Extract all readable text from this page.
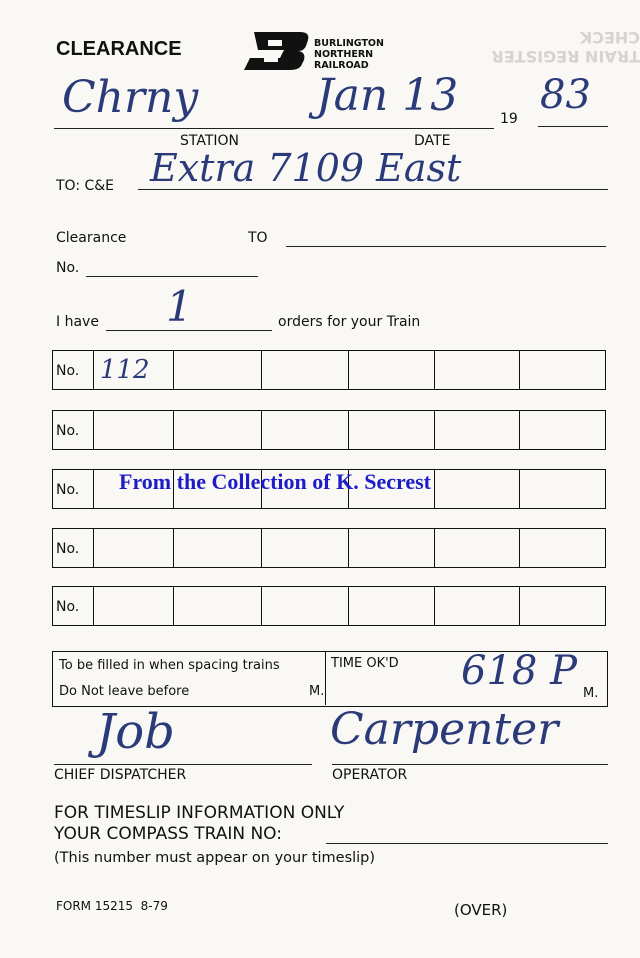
TRAIN REGISTER CHECK
CLEARANCE	BURLINGTON
NORTHERN
RAILROAD
Chrny	Jan 13	19
83
STATION	DATE
TO: C&E Extra 7109 East
Clearance	TO
No.
I have 1	orders for your Train
No. 112
No.
No.
No.
No.
From the Collection of K. Secrest
To be filled in when spacing trains
Do Not leave before	M.
TIME OK'D 618 P M.
Job	Carpenter
CHIEF DISPATCHER	OPERATOR
FOR TIMESLIP INFORMATION ONLY
YOUR COMPASS TRAIN NO:
(This number must appear on your timeslip)
FORM 15215  8-79	(OVER)
